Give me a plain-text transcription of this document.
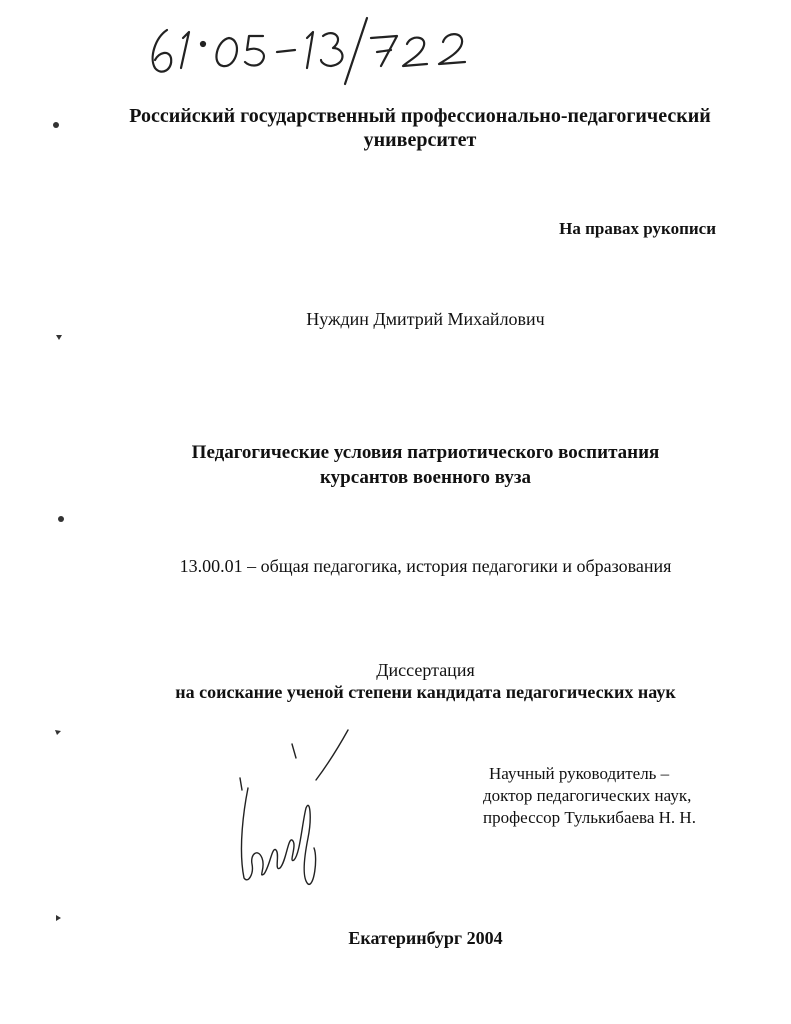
Российский государственный профессионально-педагогический
университет
На правах рукописи
Нуждин Дмитрий Михайлович
Педагогические условия патриотического воспитания
курсантов военного вуза
13.00.01 – общая педагогика, история педагогики и образования
Диссертация
на соискание ученой степени кандидата педагогических наук
Научный руководитель –
доктор педагогических наук,
профессор Тулькибаева Н. Н.
Екатеринбург 2004
